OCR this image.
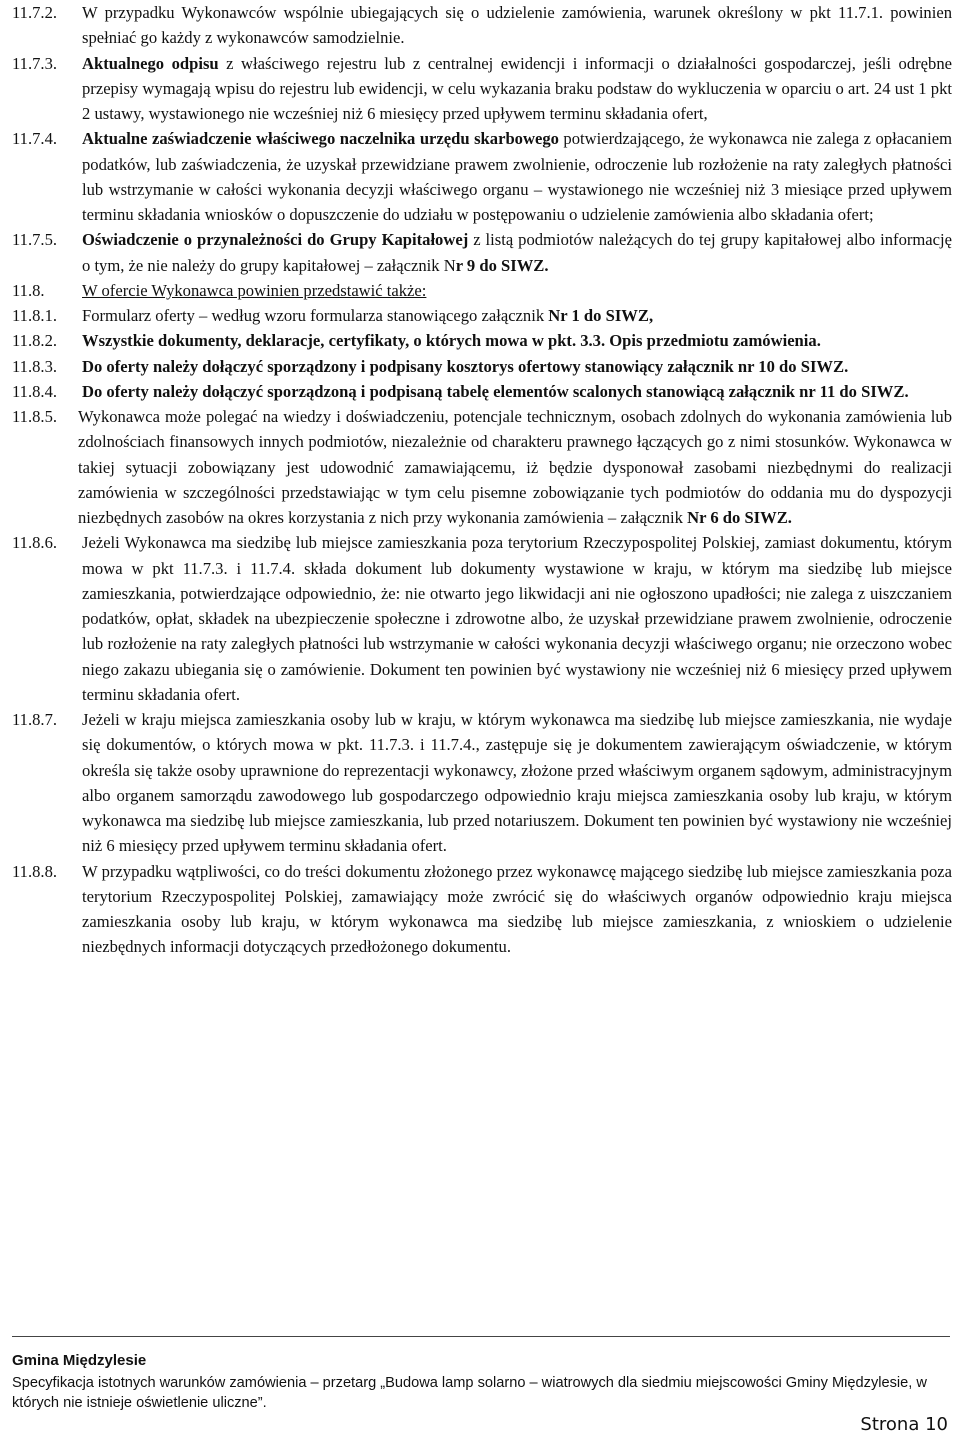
11.7.2.	W przypadku Wykonawców wspólnie ubiegających się o udzielenie zamówienia, warunek określony w pkt 11.7.1. powinien spełniać go każdy z wykonawców samodzielnie.
11.7.3.	Aktualnego odpisu z właściwego rejestru lub z centralnej ewidencji i informacji o działalności gospodarczej, jeśli odrębne przepisy wymagają wpisu do rejestru lub ewidencji, w celu wykazania braku podstaw do wykluczenia w oparciu o art. 24 ust 1 pkt 2 ustawy, wystawionego nie wcześniej niż 6 miesięcy przed upływem terminu składania ofert,
11.7.4.	Aktualne zaświadczenie właściwego naczelnika urzędu skarbowego potwierdzającego, że wykonawca nie zalega z opłacaniem podatków, lub zaświadczenia, że uzyskał przewidziane prawem zwolnienie, odroczenie lub rozłożenie na raty zaległych płatności lub wstrzymanie w całości wykonania decyzji właściwego organu – wystawionego nie wcześniej niż 3 miesiące przed upływem terminu składania wniosków o dopuszczenie do udziału w postępowaniu o udzielenie zamówienia albo składania ofert;
11.7.5.	Oświadczenie o przynależności do Grupy Kapitałowej z listą podmiotów należących do tej grupy kapitałowej albo informację o tym, że nie należy do grupy kapitałowej – załącznik Nr 9 do SIWZ.
11.8.	W ofercie Wykonawca powinien przedstawić także:
11.8.1.	Formularz oferty – według wzoru formularza stanowiącego załącznik Nr 1 do SIWZ,
11.8.2.	Wszystkie dokumenty, deklaracje, certyfikaty, o których mowa w pkt. 3.3. Opis przedmiotu zamówienia.
11.8.3.	Do oferty należy dołączyć sporządzony i podpisany kosztorys ofertowy stanowiący załącznik nr 10 do SIWZ.
11.8.4.	Do oferty należy dołączyć sporządzoną i podpisaną tabelę elementów scalonych stanowiącą załącznik nr 11 do SIWZ.
11.8.5.	Wykonawca może polegać na wiedzy i doświadczeniu, potencjale technicznym, osobach zdolnych do wykonania zamówienia lub zdolnościach finansowych innych podmiotów, niezależnie od charakteru prawnego łączących go z nimi stosunków. Wykonawca w takiej sytuacji zobowiązany jest udowodnić zamawiającemu, iż będzie dysponował zasobami niezbędnymi do realizacji zamówienia w szczególności przedstawiając w tym celu pisemne zobowiązanie tych podmiotów do oddania mu do dyspozycji niezbędnych zasobów na okres korzystania z nich przy wykonania zamówienia – załącznik Nr 6 do SIWZ.
11.8.6.	Jeżeli Wykonawca ma siedzibę lub miejsce zamieszkania poza terytorium Rzeczypospolitej Polskiej, zamiast dokumentu, którym mowa w pkt 11.7.3. i 11.7.4. składa dokument lub dokumenty wystawione w kraju, w którym ma siedzibę lub miejsce zamieszkania, potwierdzające odpowiednio, że: nie otwarto jego likwidacji ani nie ogłoszono upadłości; nie zalega z uiszczaniem podatków, opłat, składek na ubezpieczenie społeczne i zdrowotne albo, że uzyskał przewidziane prawem zwolnienie, odroczenie lub rozłożenie na raty zaległych płatności lub wstrzymanie w całości wykonania decyzji właściwego organu; nie orzeczono wobec niego zakazu ubiegania się o zamówienie. Dokument ten powinien być wystawiony nie wcześniej niż 6 miesięcy przed upływem terminu składania ofert.
11.8.7.	Jeżeli w kraju miejsca zamieszkania osoby lub w kraju, w którym wykonawca ma siedzibę lub miejsce zamieszkania, nie wydaje się dokumentów, o których mowa w pkt. 11.7.3. i 11.7.4., zastępuje się je dokumentem zawierającym oświadczenie, w którym określa się także osoby uprawnione do reprezentacji wykonawcy, złożone przed właściwym organem sądowym, administracyjnym albo organem samorządu zawodowego lub gospodarczego odpowiednio kraju miejsca zamieszkania osoby lub kraju, w którym wykonawca ma siedzibę lub miejsce zamieszkania, lub przed notariuszem. Dokument ten powinien być wystawiony nie wcześniej niż 6 miesięcy przed upływem terminu składania ofert.
11.8.8.	W przypadku wątpliwości, co do treści dokumentu złożonego przez wykonawcę mającego siedzibę lub miejsce zamieszkania poza terytorium Rzeczypospolitej Polskiej, zamawiający może zwrócić się do właściwych organów odpowiednio kraju miejsca zamieszkania osoby lub kraju, w którym wykonawca ma siedzibę lub miejsce zamieszkania, z wnioskiem o udzielenie niezbędnych informacji dotyczących przedłożonego dokumentu.
Gmina Międzylesie
Specyfikacja istotnych warunków zamówienia – przetarg „Budowa lamp solarno – wiatrowych dla siedmiu miejscowości Gminy Międzylesie, w których nie istnieje oświetlenie uliczne”.
Strona 10
